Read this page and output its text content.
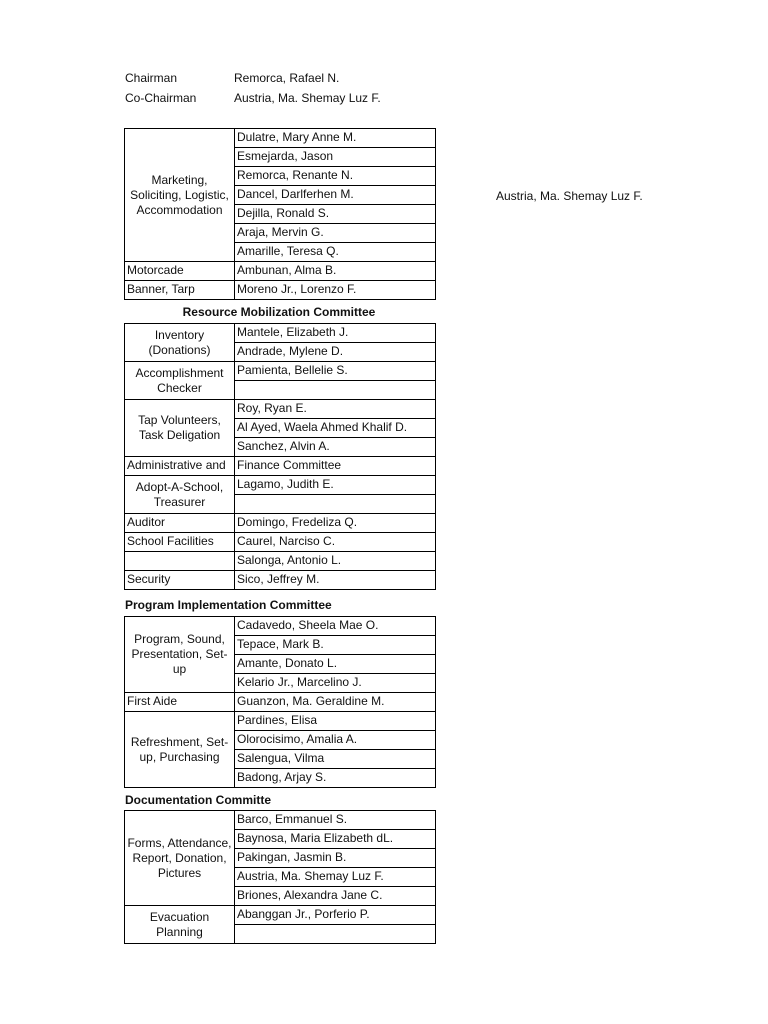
Chairman	Remorca, Rafael N.
Co-Chairman	Austria, Ma. Shemay Luz F.
Austria, Ma. Shemay Luz F.
Marketing, Soliciting, Logistic, Accommodation	Dulatre, Mary Anne M.
	Esmejarda, Jason
	Remorca, Renante N.
	Dancel, Darlferhen M.
	Dejilla, Ronald S.
	Araja, Mervin G.
	Amarille, Teresa Q.
Motorcade	Ambunan, Alma B.
Banner, Tarp	Moreno Jr., Lorenzo F.
Resource Mobilization Committee
Inventory (Donations)	Mantele, Elizabeth J.
	Andrade, Mylene D.
Accomplishment Checker	Pamienta, Bellelie S.

Tap Volunteers, Task Deligation	Roy, Ryan E.
	Al Ayed, Waela Ahmed Khalif D.
	Sanchez, Alvin A.
Administrative and	Finance Committee
Adopt-A-School, Treasurer	Lagamo, Judith E.

Auditor	Domingo, Fredeliza Q.
School Facilities	Caurel, Narciso C.
	Salonga, Antonio L.
Security	Sico, Jeffrey M.
Program Implementation Committee
Program, Sound, Presentation, Set-up	Cadavedo, Sheela Mae O.
	Tepace, Mark B.
	Amante, Donato L.
	Kelario Jr., Marcelino J.
First Aide	Guanzon, Ma. Geraldine M.
Refreshment, Set-up, Purchasing	Pardines, Elisa
	Olorocisimo, Amalia A.
	Salengua, Vilma
	Badong, Arjay S.
Documentation Committe
Forms, Attendance, Report, Donation, Pictures	Barco, Emmanuel S.
	Baynosa, Maria Elizabeth dL.
	Pakingan, Jasmin B.
	Austria, Ma. Shemay Luz F.
	Briones, Alexandra Jane C.
Evacuation Planning	Abanggan Jr., Porferio P.
